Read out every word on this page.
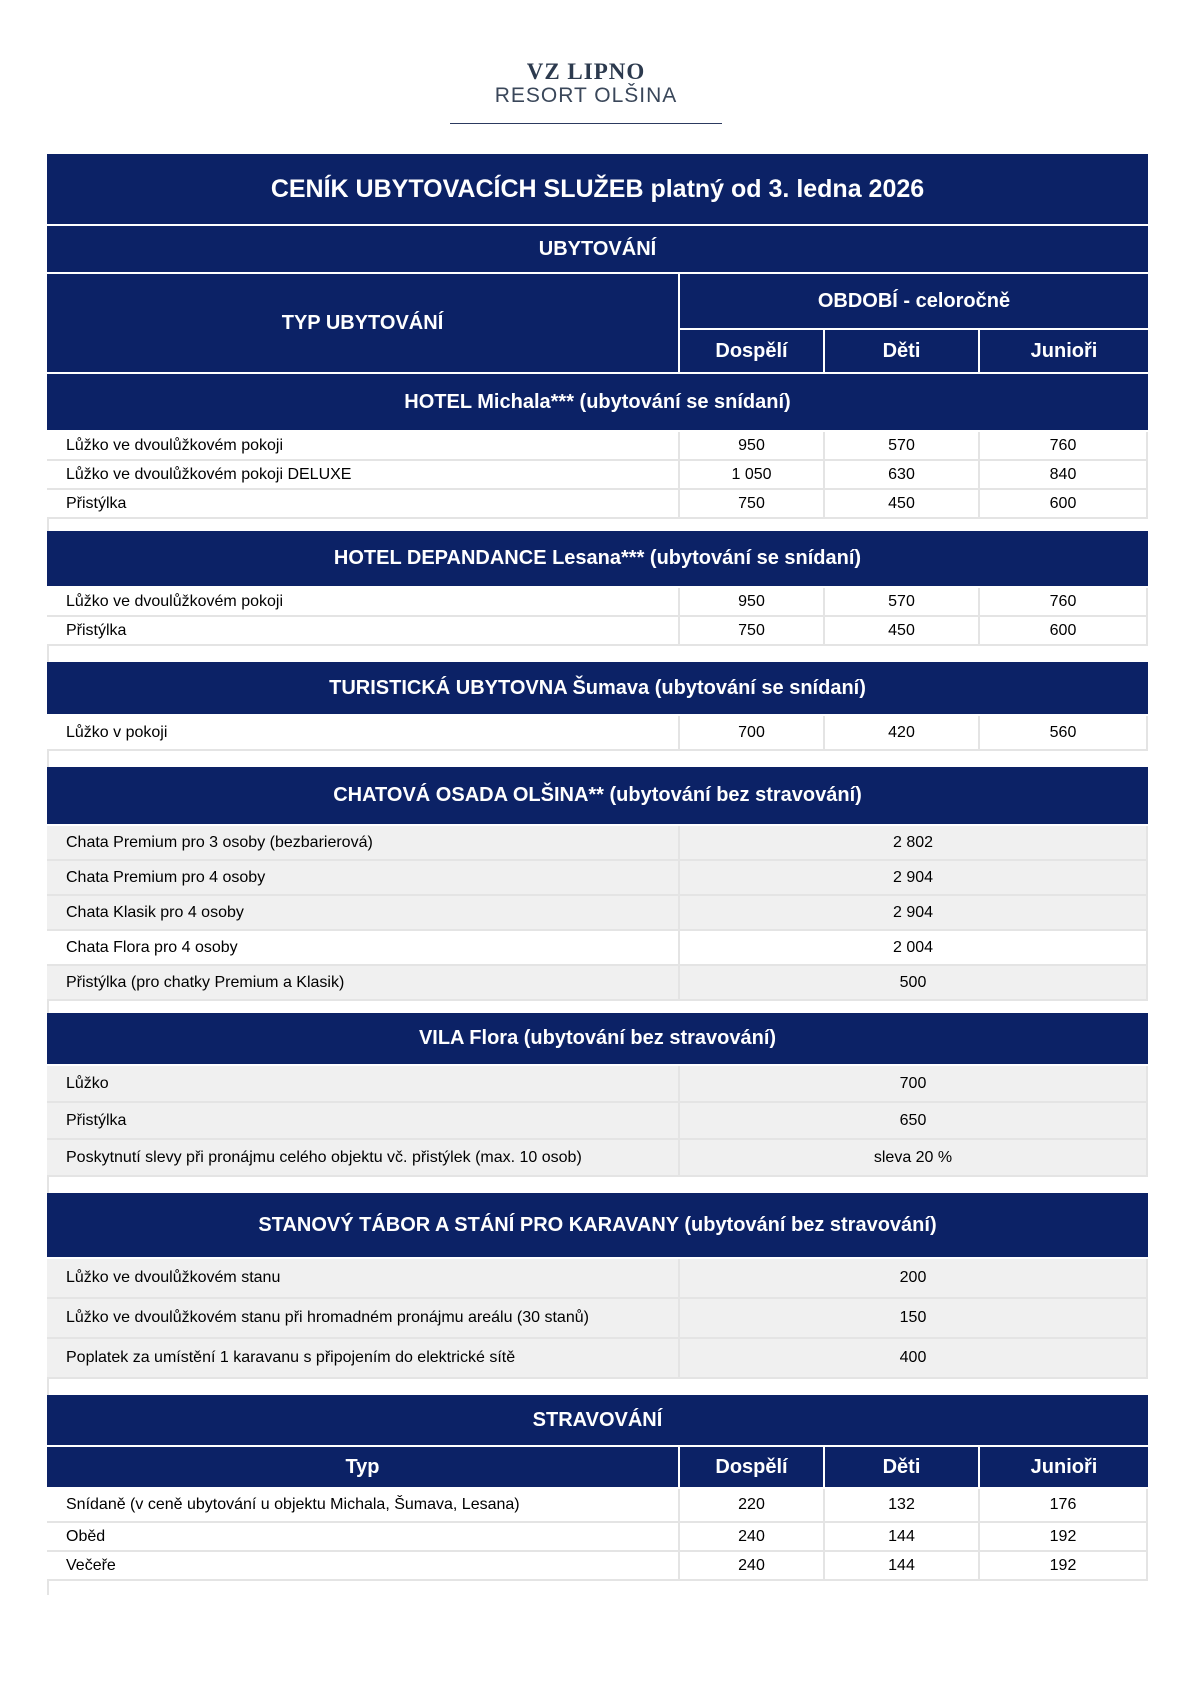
VZ LIPNO
RESORT OLŠINA
CENÍK UBYTOVACÍCH SLUŽEB platný od 3. ledna 2026
UBYTOVÁNÍ
TYP UBYTOVÁNÍ
OBDOBÍ - celoročně
Dospělí	Děti	Junioři
HOTEL Michala*** (ubytování se snídaní)
Lůžko ve dvoulůžkovém pokoji	950	570	760
Lůžko ve dvoulůžkovém pokoji DELUXE	1 050	630	840
Přistýlka	750	450	600
HOTEL DEPANDANCE Lesana*** (ubytování se snídaní)
Lůžko ve dvoulůžkovém pokoji	950	570	760
Přistýlka	750	450	600
TURISTICKÁ UBYTOVNA Šumava (ubytování se snídaní)
Lůžko v pokoji	700	420	560
CHATOVÁ OSADA OLŠINA** (ubytování bez stravování)
Chata Premium pro 3 osoby (bezbarierová)	2 802
Chata Premium pro 4 osoby	2 904
Chata Klasik pro 4 osoby	2 904
Chata Flora pro 4 osoby	2 004
Přistýlka (pro chatky Premium a Klasik)	500
VILA Flora (ubytování bez stravování)
Lůžko	700
Přistýlka	650
Poskytnutí slevy při pronájmu celého objektu vč. přistýlek (max. 10 osob)	sleva 20 %
STANOVÝ TÁBOR A STÁNÍ PRO KARAVANY (ubytování bez stravování)
Lůžko ve dvoulůžkovém stanu	200
Lůžko ve dvoulůžkovém stanu při hromadném pronájmu areálu (30 stanů)	150
Poplatek za umístění 1 karavanu s připojením do elektrické sítě	400
STRAVOVÁNÍ
Typ	Dospělí	Děti	Junioři
Snídaně (v ceně ubytování u objektu Michala, Šumava, Lesana)	220	132	176
Oběd	240	144	192
Večeře	240	144	192
